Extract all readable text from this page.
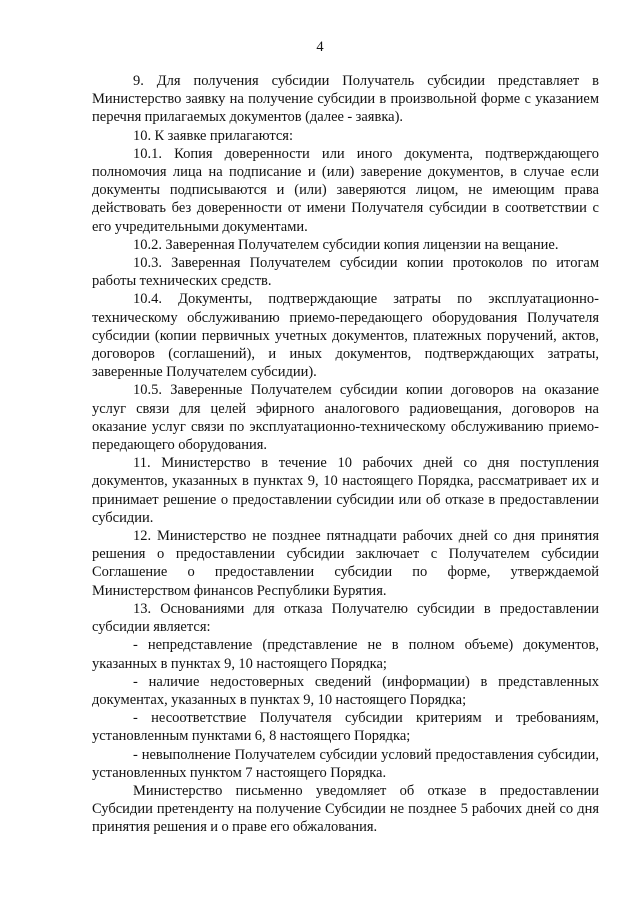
4

9. Для получения субсидии Получатель субсидии представляет в Министерство заявку на получение субсидии в произвольной форме с указанием перечня прилагаемых документов (далее - заявка).

10. К заявке прилагаются:

10.1. Копия доверенности или иного документа, подтверждающего полномочия лица на подписание и (или) заверение документов, в случае если документы подписываются и (или) заверяются лицом, не имеющим права действовать без доверенности от имени Получателя субсидии в соответствии с его учредительными документами.

10.2. Заверенная Получателем субсидии копия лицензии на вещание.

10.3. Заверенная Получателем субсидии копии протоколов по итогам работы технических средств.

10.4. Документы, подтверждающие затраты по эксплуатационно-техническому обслуживанию приемо-передающего оборудования Получателя субсидии (копии первичных учетных документов, платежных поручений, актов, договоров (соглашений), и иных документов, подтверждающих затраты, заверенные Получателем субсидии).

10.5. Заверенные Получателем субсидии копии договоров на оказание услуг связи для целей эфирного аналогового радиовещания, договоров на оказание услуг связи по эксплуатационно-техническому обслуживанию приемо-передающего оборудования.

11. Министерство в течение 10 рабочих дней со дня поступления документов, указанных в пунктах 9, 10 настоящего Порядка, рассматривает их и принимает решение о предоставлении субсидии или об отказе в предоставлении субсидии.

12. Министерство не позднее пятнадцати рабочих дней со дня принятия решения о предоставлении субсидии заключает с Получателем субсидии Соглашение о предоставлении субсидии по форме, утверждаемой Министерством финансов Республики Бурятия.

13. Основаниями для отказа Получателю субсидии в предоставлении субсидии является:

- непредставление (представление не в полном объеме) документов, указанных в пунктах 9, 10 настоящего Порядка;

- наличие недостоверных сведений (информации) в представленных документах, указанных в пунктах 9, 10 настоящего Порядка;

- несоответствие Получателя субсидии критериям и требованиям, установленным пунктами 6, 8 настоящего Порядка;

- невыполнение Получателем субсидии условий предоставления субсидии, установленных пунктом 7 настоящего Порядка.

Министерство письменно уведомляет об отказе в предоставлении Субсидии претенденту на получение Субсидии не позднее 5 рабочих дней со дня принятия решения и о праве его обжалования.
